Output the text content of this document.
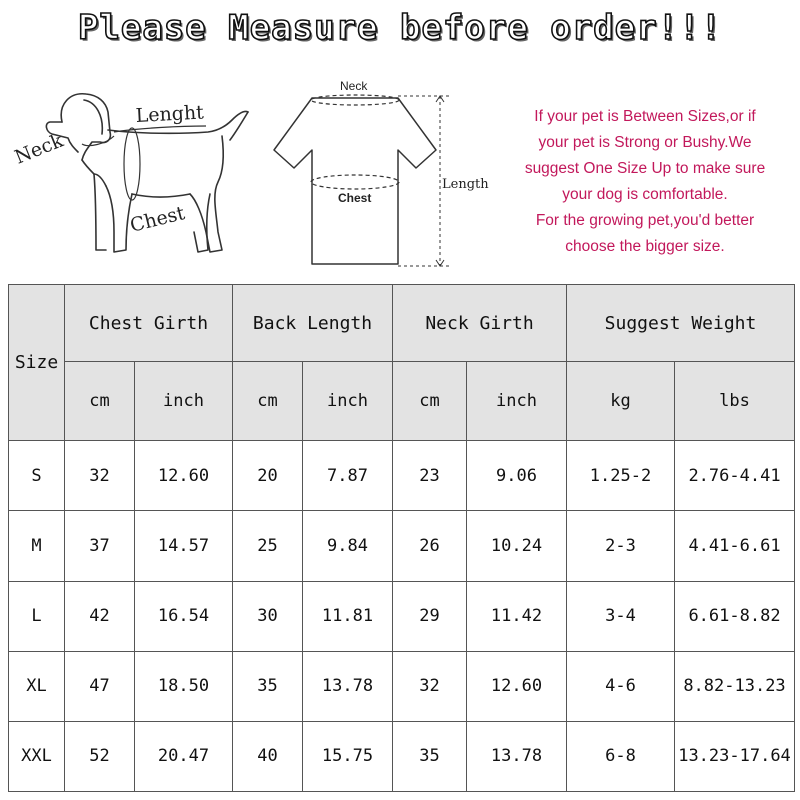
Please Measure before order!!!
Neck
Lenght
Chest
Neck
Chest
Length
If your pet is Between Sizes,or if
your pet is Strong or Bushy.We
suggest One Size Up to make sure
your dog is comfortable.
For the growing pet,you'd better
choose the bigger size.
Size	Chest Girth		Back Length		Neck Girth		Suggest Weight	
	cm	inch	cm	inch	cm	inch	kg	lbs
S	32	12.60	20	7.87	23	9.06	1.25-2	2.76-4.41
M	37	14.57	25	9.84	26	10.24	2-3	4.41-6.61
L	42	16.54	30	11.81	29	11.42	3-4	6.61-8.82
XL	47	18.50	35	13.78	32	12.60	4-6	8.82-13.23
XXL	52	20.47	40	15.75	35	13.78	6-8	13.23-17.64
